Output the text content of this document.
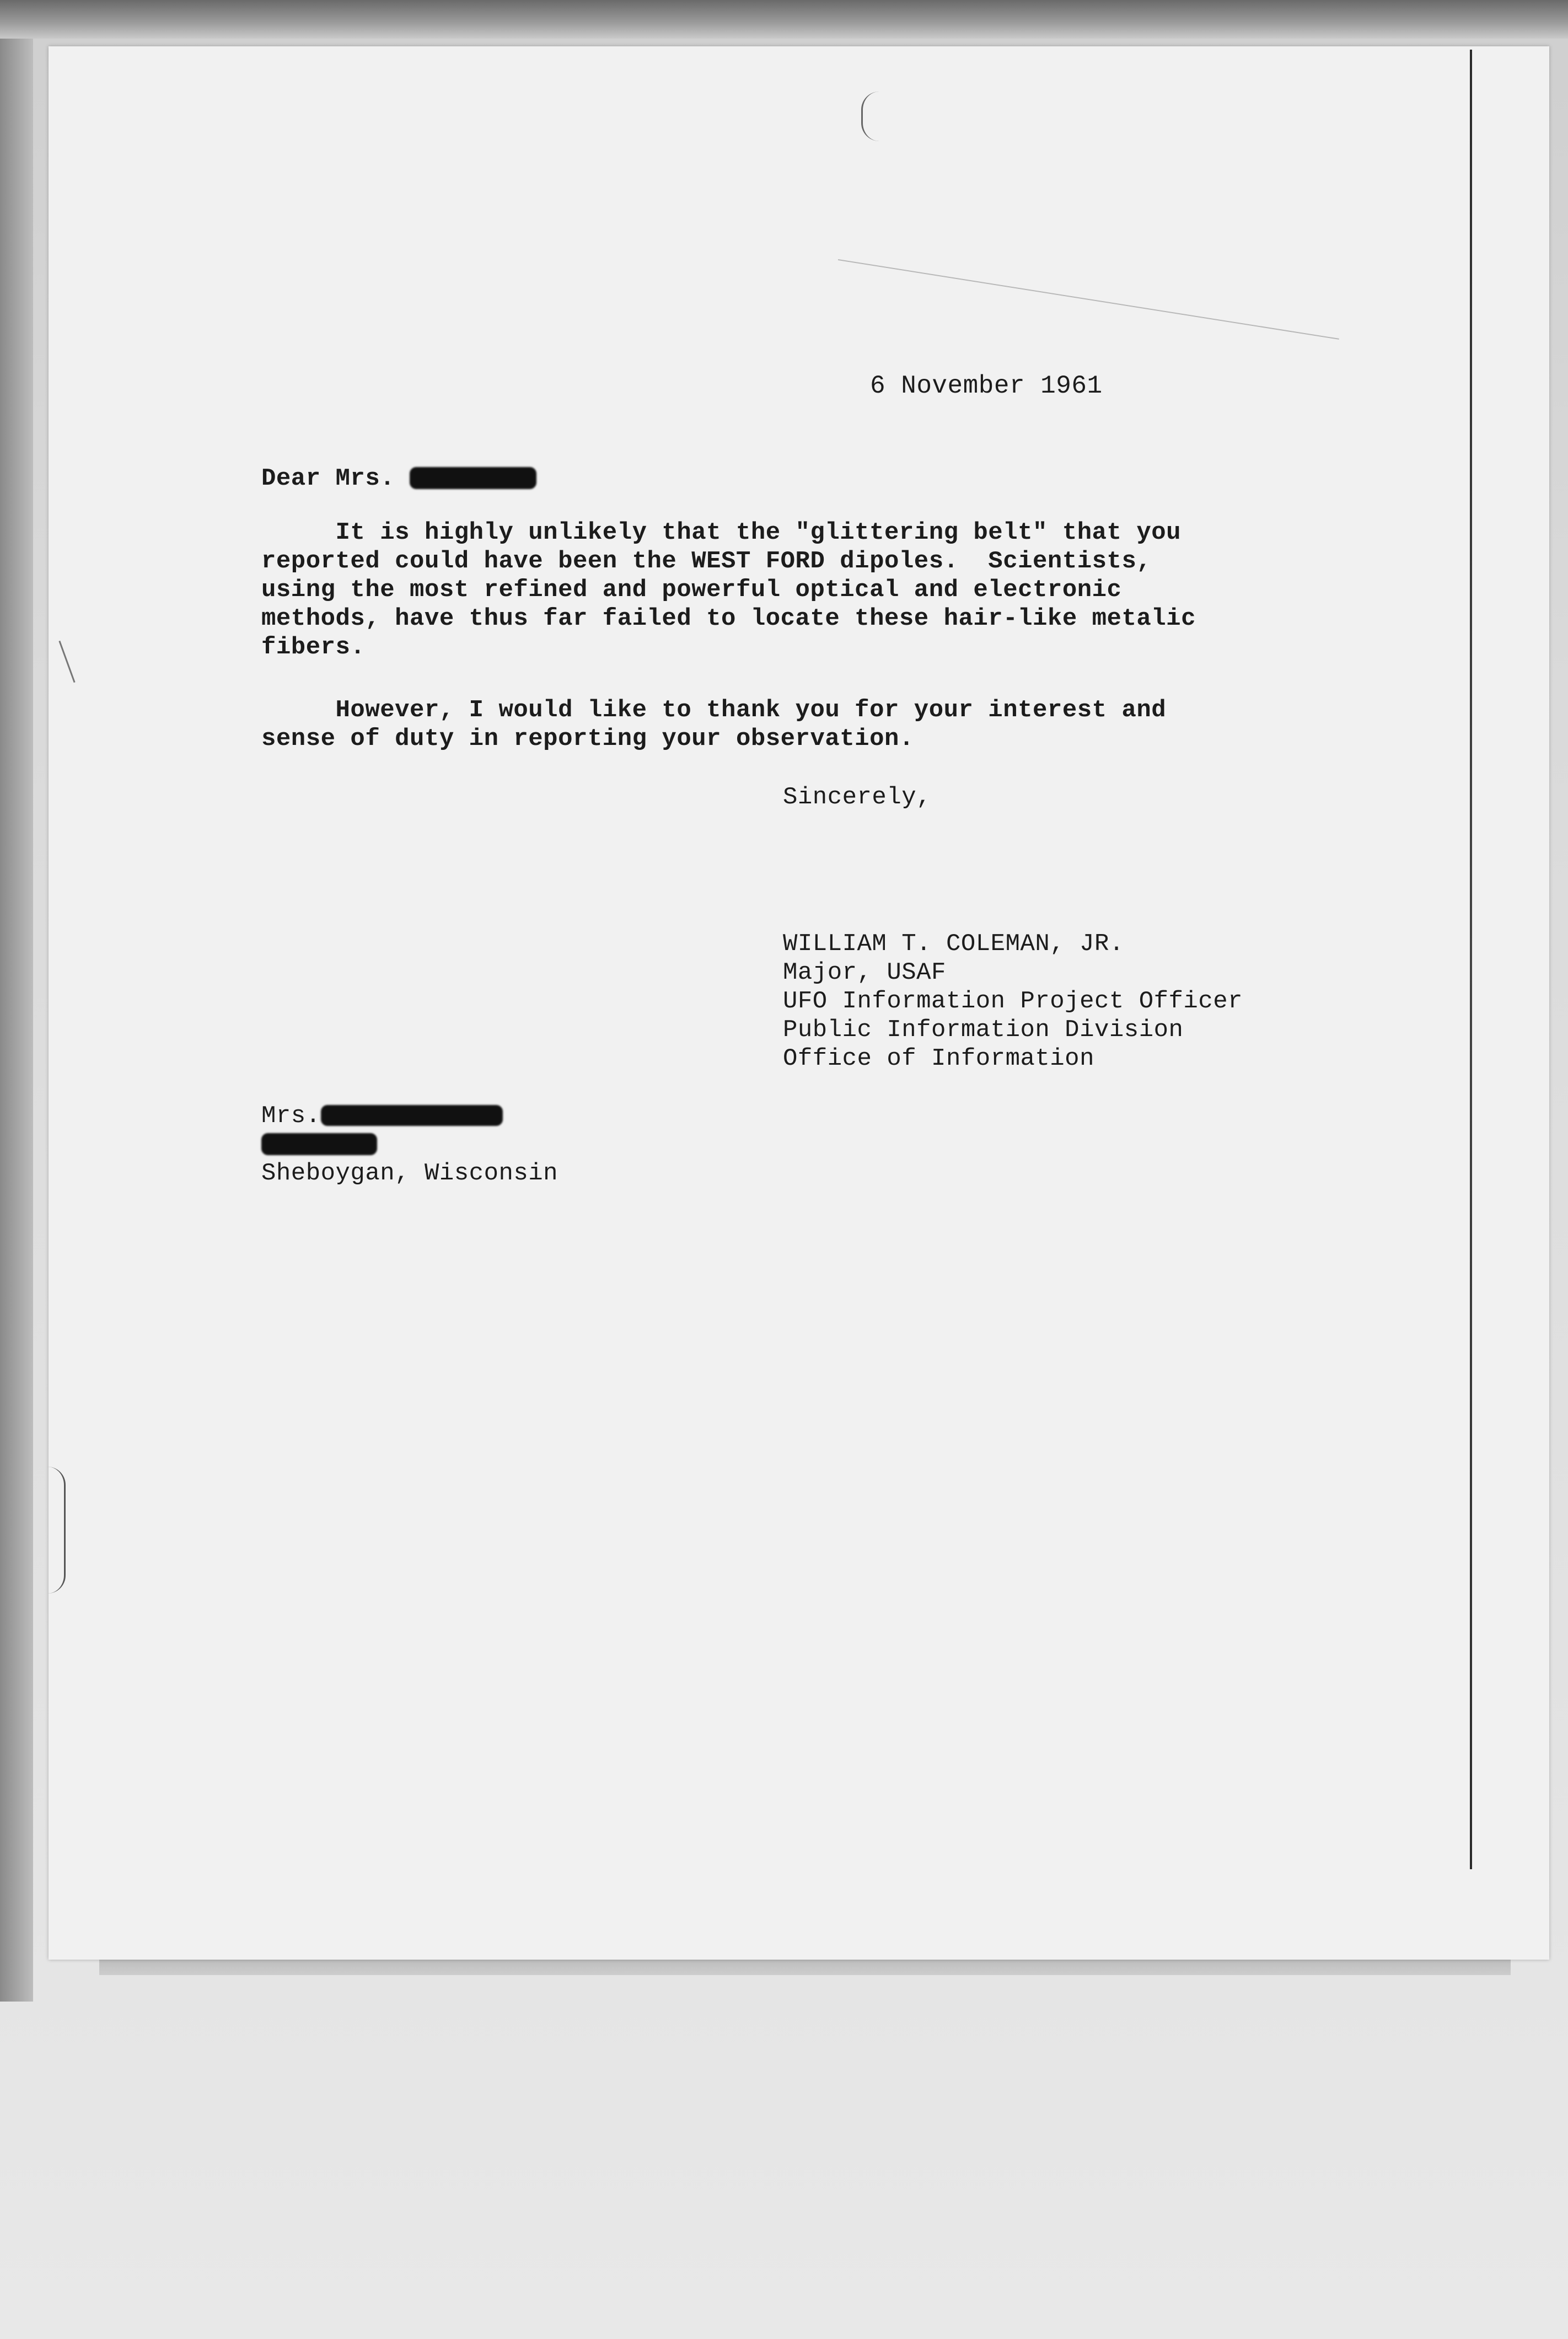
6 November 1961
Dear Mrs.
It is highly unlikely that the "glittering belt" that you
reported could have been the WEST FORD dipoles.  Scientists,
using the most refined and powerful optical and electronic
methods, have thus far failed to locate these hair-like metalic
fibers.
However, I would like to thank you for your interest and
sense of duty in reporting your observation.
Sincerely,
WILLIAM T. COLEMAN, JR.
Major, USAF
UFO Information Project Officer
Public Information Division
Office of Information
Mrs.
Sheboygan, Wisconsin
